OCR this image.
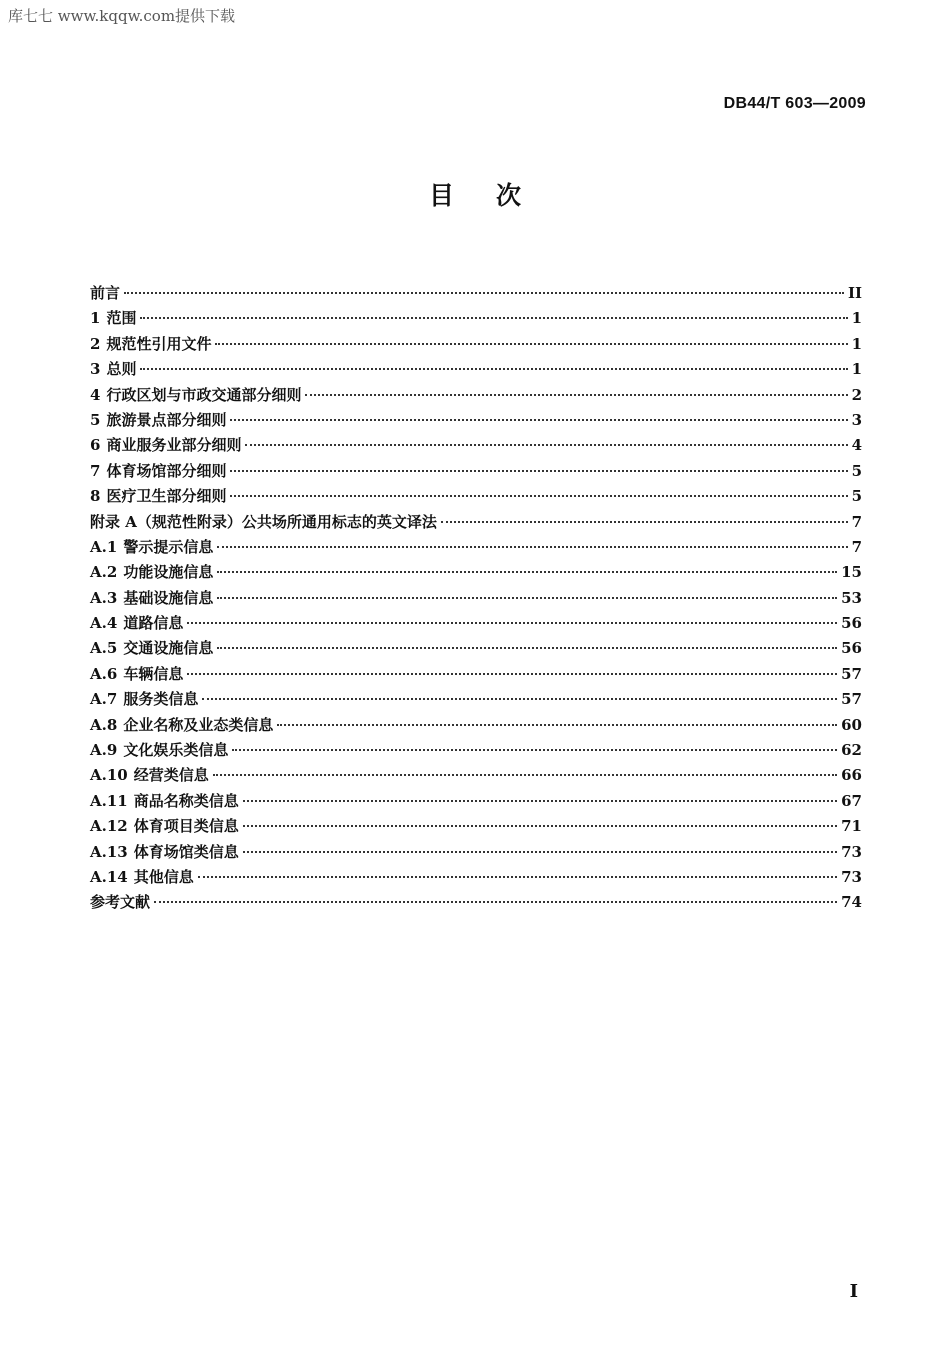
库七七 www.kqqw.com提供下载
DB44/T 603—2009
目次
前言	II
1 范围	1
2 规范性引用文件	1
3 总则	1
4 行政区划与市政交通部分细则	2
5 旅游景点部分细则	3
6 商业服务业部分细则	4
7 体育场馆部分细则	5
8 医疗卫生部分细则	5
附录 A（规范性附录）公共场所通用标志的英文译法	7
A.1 警示提示信息	7
A.2 功能设施信息	15
A.3 基础设施信息	53
A.4 道路信息	56
A.5 交通设施信息	56
A.6 车辆信息	57
A.7 服务类信息	57
A.8 企业名称及业态类信息	60
A.9 文化娱乐类信息	62
A.10 经营类信息	66
A.11 商品名称类信息	67
A.12 体育项目类信息	71
A.13 体育场馆类信息	73
A.14 其他信息	73
参考文献	74
I
